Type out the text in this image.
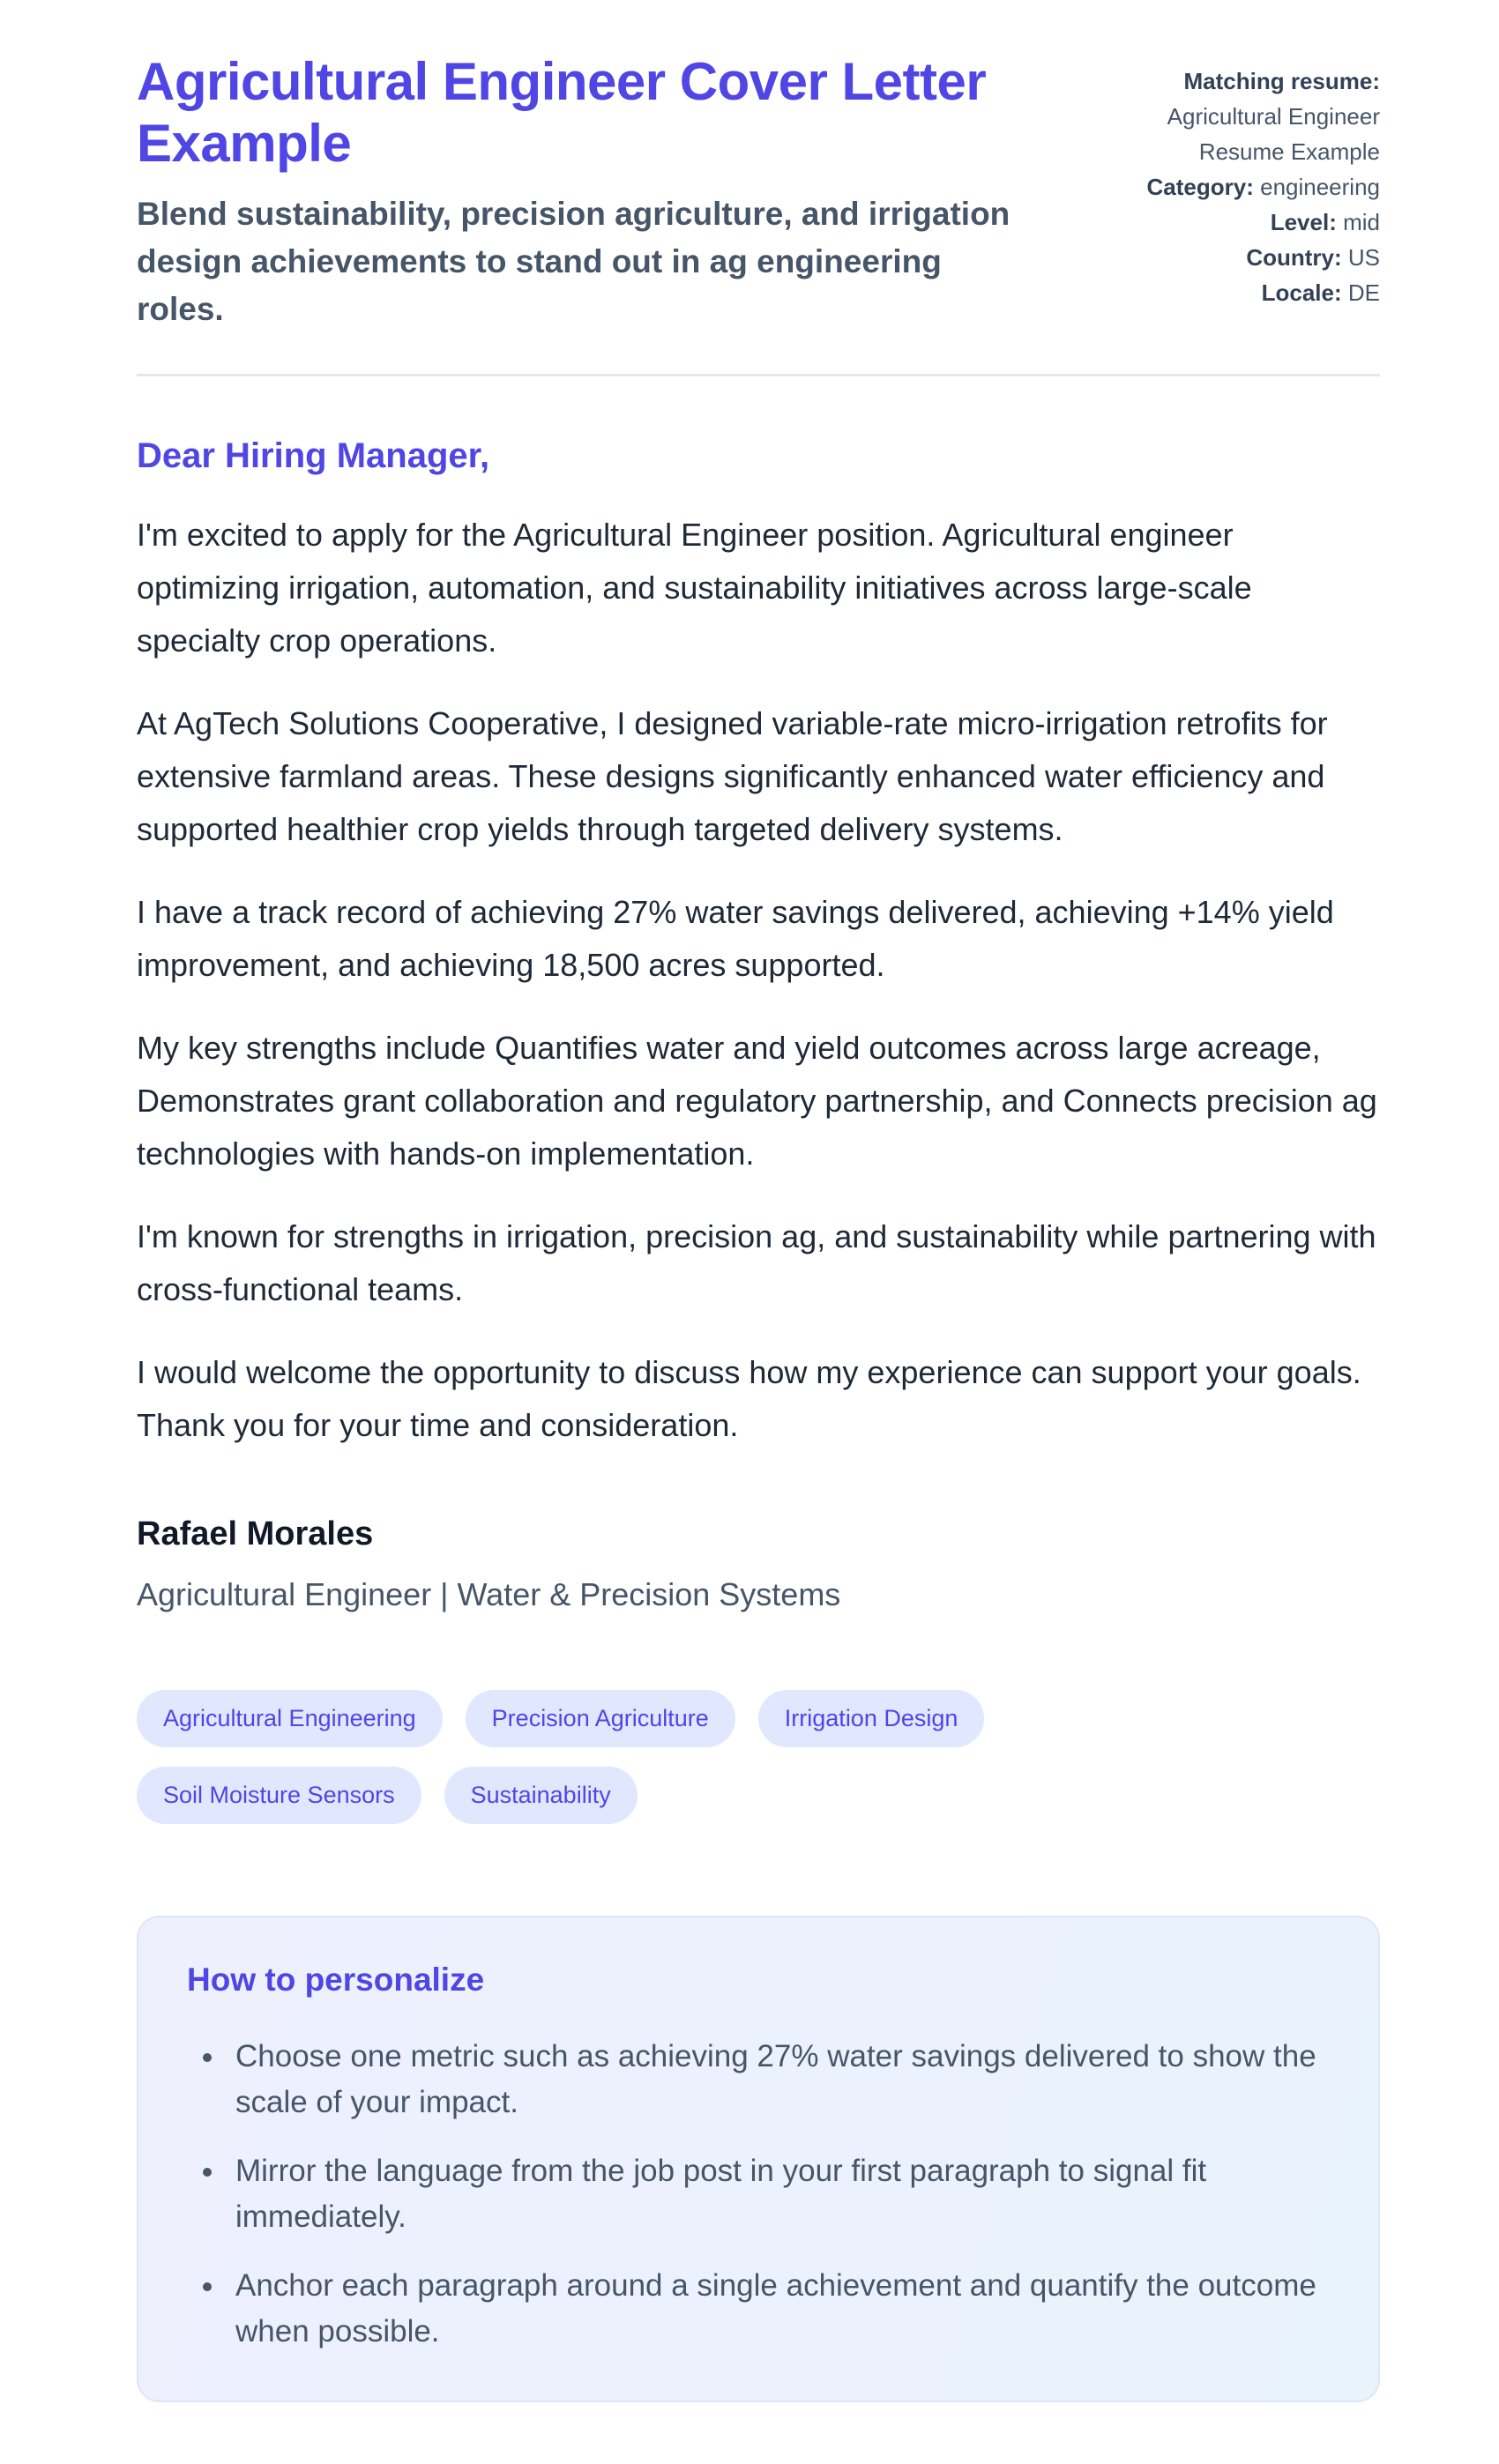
Agricultural Engineer Cover Letter Example

Blend sustainability, precision agriculture, and irrigation design achievements to stand out in ag engineering roles.

Matching resume: Agricultural Engineer Resume Example
Category: engineering
Level: mid
Country: US
Locale: DE
Dear Hiring Manager,

I'm excited to apply for the Agricultural Engineer position. Agricultural engineer optimizing irrigation, automation, and sustainability initiatives across large-scale specialty crop operations.

At AgTech Solutions Cooperative, I designed variable-rate micro-irrigation retrofits for extensive farmland areas. These designs significantly enhanced water efficiency and supported healthier crop yields through targeted delivery systems.

I have a track record of achieving 27% water savings delivered, achieving +14% yield improvement, and achieving 18,500 acres supported.

My key strengths include Quantifies water and yield outcomes across large acreage, Demonstrates grant collaboration and regulatory partnership, and Connects precision ag technologies with hands-on implementation.

I'm known for strengths in irrigation, precision ag, and sustainability while partnering with cross-functional teams.

I would welcome the opportunity to discuss how my experience can support your goals. Thank you for your time and consideration.

Rafael Morales

Agricultural Engineer | Water & Precision Systems

Agricultural Engineering	Precision Agriculture	Irrigation Design
Soil Moisture Sensors	Sustainability
How to personalize
• Choose one metric such as achieving 27% water savings delivered to show the scale of your impact.
• Mirror the language from the job post in your first paragraph to signal fit immediately.
• Anchor each paragraph around a single achievement and quantify the outcome when possible.
